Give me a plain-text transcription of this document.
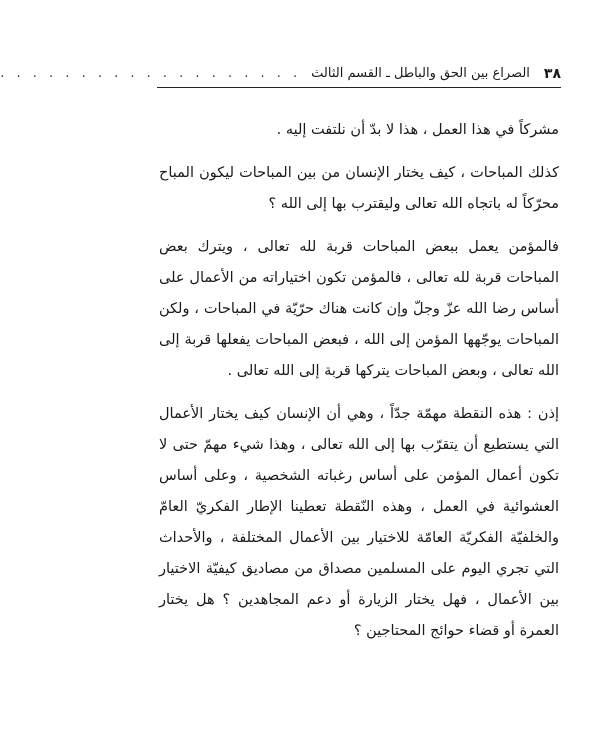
٣٨
الصراع بين الحق والباطل ـ القسم الثالث
. . . . . . . . . . . . . . . . . . .

مشركاً في هذا العمل ، هذا لا بدّ أن نلتفت إليه .

كذلك المباحات ، كيف يختار الإنسان من بين المباحات ليكون المباح محرّكاً له باتجاه الله تعالى وليقترب بها إلى الله ؟

فالمؤمن يعمل ببعض المباحات قربة لله تعالى ، ويترك بعض المباحات قربة لله تعالى ، فالمؤمن تكون اختياراته من الأعمال على أساس رضا الله عزّ وجلّ وإن كانت هناك حرّيّة في المباحات ، ولكن المباحات يوجّهها المؤمن إلى الله ، فبعض المباحات يفعلها قربة إلى الله تعالى ، وبعض المباحات يتركها قربة إلى الله تعالى .

إذن : هذه النقطة مهمّة جدّاً ، وهي أن الإنسان كيف يختار الأعمال التي يستطيع أن يتقرّب بها إلى الله تعالى ، وهذا شيء مهمّ حتى لا تكون أعمال المؤمن على أساس رغباته الشخصية ، وعلى أساس العشوائية في العمل ، وهذه النّقطة تعطينا الإطار الفكريّ العامّ والخلفيّة الفكريّة العامّة للاختيار بين الأعمال المختلفة ، والأحداث التي تجري اليوم على المسلمين مصداق من مصاديق كيفيّة الاختيار بين الأعمال ، فهل يختار الزيارة أو دعم المجاهدين ؟ هل يختار العمرة أو قضاء حوائج المحتاجين ؟
